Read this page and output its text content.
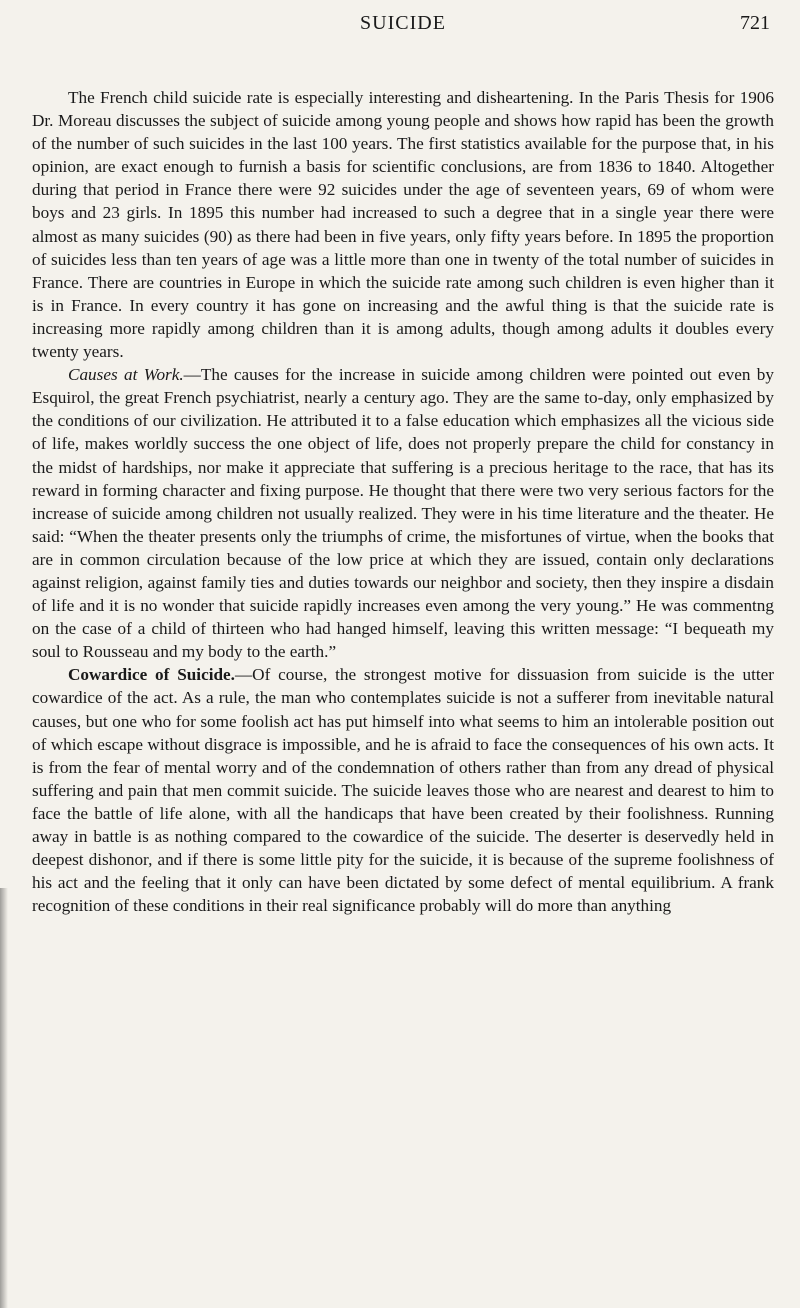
SUICIDE	721

The French child suicide rate is especially interesting and disheartening. In the Paris Thesis for 1906 Dr. Moreau discusses the subject of suicide among young people and shows how rapid has been the growth of the number of such suicides in the last 100 years. The first statistics available for the purpose that, in his opinion, are exact enough to furnish a basis for scientific conclusions, are from 1836 to 1840. Altogether during that period in France there were 92 suicides under the age of seventeen years, 69 of whom were boys and 23 girls. In 1895 this number had increased to such a degree that in a single year there were almost as many suicides (90) as there had been in five years, only fifty years before. In 1895 the proportion of suicides less than ten years of age was a little more than one in twenty of the total number of suicides in France. There are countries in Europe in which the suicide rate among such children is even higher than it is in France. In every country it has gone on increasing and the awful thing is that the suicide rate is increasing more rapidly among children than it is among adults, though among adults it doubles every twenty years.

Causes at Work.—The causes for the increase in suicide among children were pointed out even by Esquirol, the great French psychiatrist, nearly a century ago. They are the same to-day, only emphasized by the conditions of our civilization. He attributed it to a false education which emphasizes all the vicious side of life, makes worldly success the one object of life, does not properly prepare the child for constancy in the midst of hardships, nor make it appreciate that suffering is a precious heritage to the race, that has its reward in forming character and fixing purpose. He thought that there were two very serious factors for the increase of suicide among children not usually realized. They were in his time literature and the theater. He said: “When the theater presents only the triumphs of crime, the misfortunes of virtue, when the books that are in common circulation because of the low price at which they are issued, contain only declarations against religion, against family ties and duties towards our neighbor and society, then they inspire a disdain of life and it is no wonder that suicide rapidly increases even among the very young.” He was commentng on the case of a child of thirteen who had hanged himself, leaving this written message: “I bequeath my soul to Rousseau and my body to the earth.”

Cowardice of Suicide.—Of course, the strongest motive for dissuasion from suicide is the utter cowardice of the act. As a rule, the man who contemplates suicide is not a sufferer from inevitable natural causes, but one who for some foolish act has put himself into what seems to him an intolerable position out of which escape without disgrace is impossible, and he is afraid to face the consequences of his own acts. It is from the fear of mental worry and of the condemnation of others rather than from any dread of physical suffering and pain that men commit suicide. The suicide leaves those who are nearest and dearest to him to face the battle of life alone, with all the handicaps that have been created by their foolishness. Running away in battle is as nothing compared to the cowardice of the suicide. The deserter is deservedly held in deepest dishonor, and if there is some little pity for the suicide, it is because of the supreme foolishness of his act and the feeling that it only can have been dictated by some defect of mental equilibrium. A frank recognition of these conditions in their real significance probably will do more than anything
